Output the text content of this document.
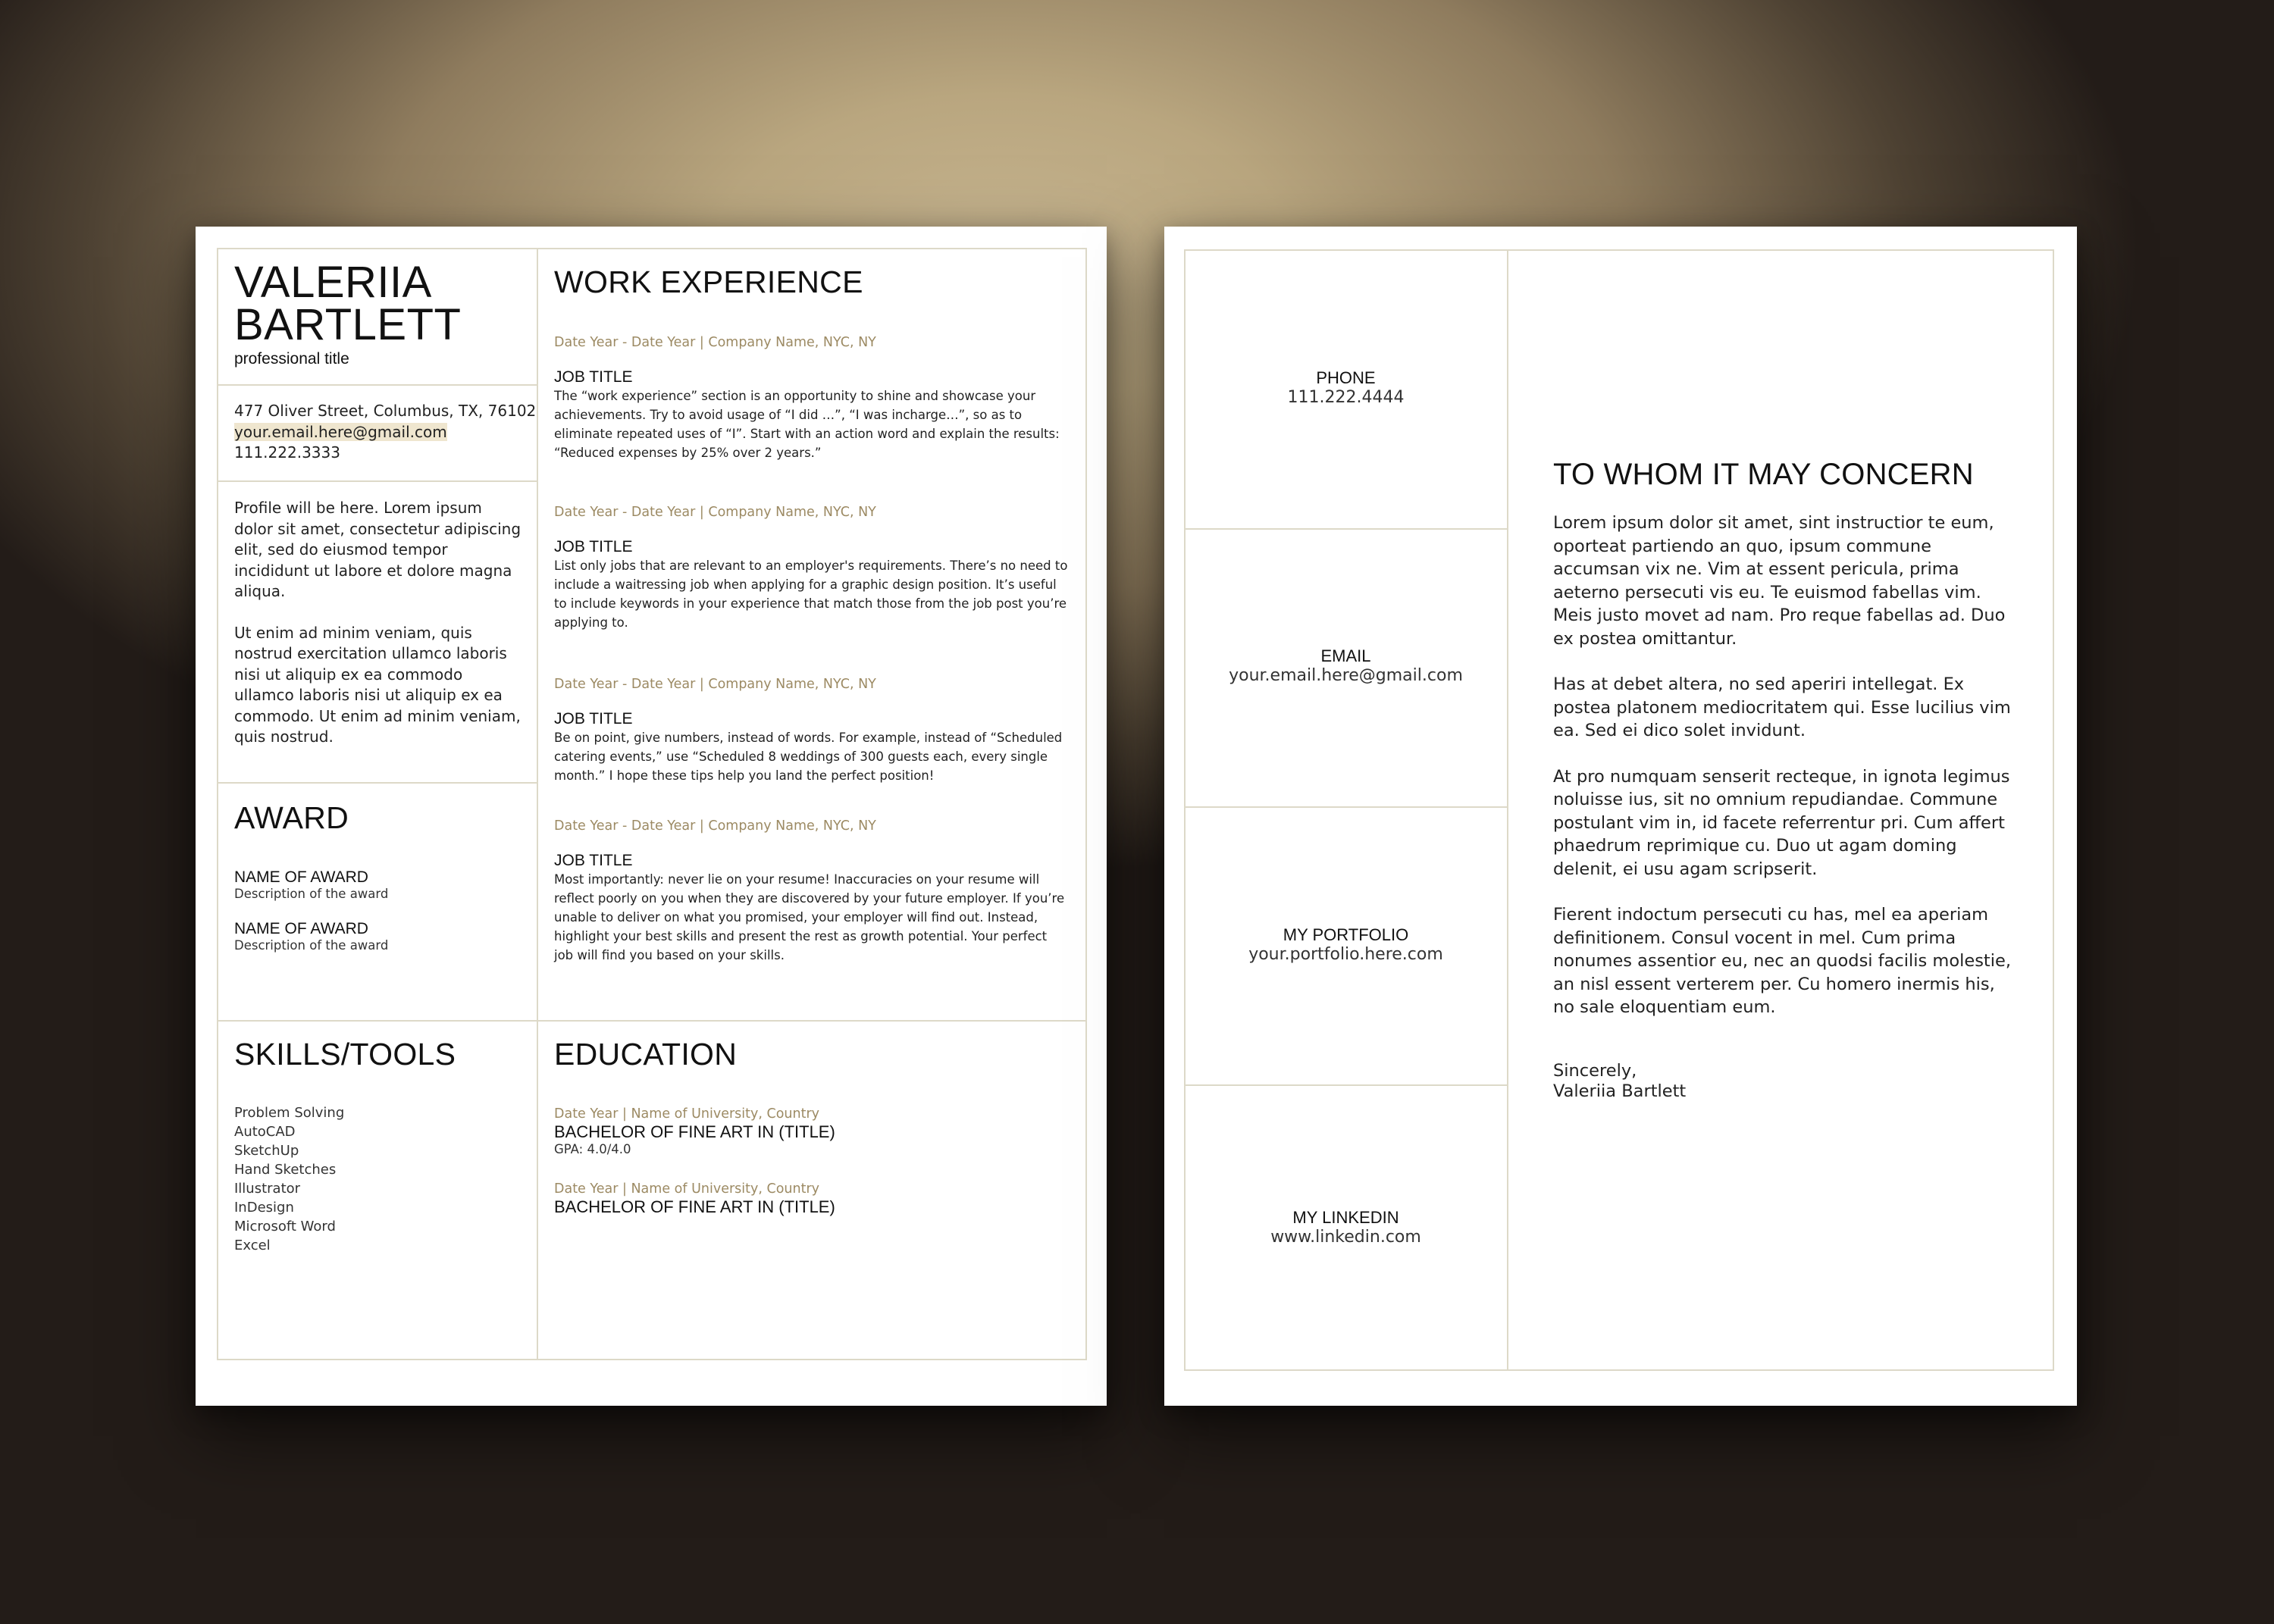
VALERIIA
BARTLETT
professional title
477 Oliver Street, Columbus, TX, 76102
your.email.here@gmail.com
111.222.3333

Profile will be here. Lorem ipsum dolor sit amet, consectetur adipiscing elit, sed do eiusmod tempor incididunt ut labore et dolore magna aliqua.

Ut enim ad minim veniam, quis nostrud exercitation ullamco laboris nisi ut aliquip ex ea commodo ullamco laboris nisi ut aliquip ex ea commodo. Ut enim ad minim veniam, quis nostrud.

AWARD
NAME OF AWARD
Description of the award
NAME OF AWARD
Description of the award
SKILLS/TOOLS
Problem Solving
AutoCAD
SketchUp
Hand Sketches
Illustrator
InDesign
Microsoft Word
Excel
WORK EXPERIENCE
Date Year - Date Year | Company Name, NYC, NY
JOB TITLE
The “work experience” section is an opportunity to shine and showcase your achievements. Try to avoid usage of “I did …”, “I was incharge…”, so as to eliminate repeated uses of “I”. Start with an action word and explain the results: “Reduced expenses by 25% over 2 years.”
Date Year - Date Year | Company Name, NYC, NY
JOB TITLE
List only jobs that are relevant to an employer's requirements. There’s no need to include a waitressing job when applying for a graphic design position. It’s useful to include keywords in your experience that match those from the job post you’re applying to.
Date Year - Date Year | Company Name, NYC, NY
JOB TITLE
Be on point, give numbers, instead of words. For example, instead of “Scheduled catering events,” use “Scheduled 8 weddings of 300 guests each, every single month.” I hope these tips help you land the perfect position!
Date Year - Date Year | Company Name, NYC, NY
JOB TITLE
Most importantly: never lie on your resume! Inaccuracies on your resume will reflect poorly on you when they are discovered by your future employer. If you’re unable to deliver on what you promised, your employer will find out. Instead, highlight your best skills and present the rest as growth potential. Your perfect job will find you based on your skills.
EDUCATION
Date Year | Name of University, Country
BACHELOR OF FINE ART IN (TITLE)
GPA: 4.0/4.0
Date Year | Name of University, Country
BACHELOR OF FINE ART IN (TITLE)
PHONE
111.222.4444
EMAIL
your.email.here@gmail.com
MY PORTFOLIO
your.portfolio.here.com
MY LINKEDIN
www.linkedin.com
TO WHOM IT MAY CONCERN

Lorem ipsum dolor sit amet, sint instructior te eum, oporteat partiendo an quo, ipsum commune accumsan vix ne. Vim at essent pericula, prima aeterno persecuti vis eu. Te euismod fabellas vim. Meis justo movet ad nam. Pro reque fabellas ad. Duo ex postea omittantur.

Has at debet altera, no sed aperiri intellegat. Ex postea platonem mediocritatem qui. Esse lucilius vim ea. Sed ei dico solet invidunt.

At pro numquam senserit recteque, in ignota legimus noluisse ius, sit no omnium repudiandae. Commune postulant vim in, id facete referrentur pri. Cum affert phaedrum reprimique cu. Duo ut agam doming delenit, ei usu agam scripserit.

Fierent indoctum persecuti cu has, mel ea aperiam definitionem. Consul vocent in mel. Cum prima nonumes assentior eu, nec an quodsi facilis molestie, an nisl essent verterem per. Cu homero inermis his, no sale eloquentiam eum.

Sincerely,
Valeriia Bartlett
